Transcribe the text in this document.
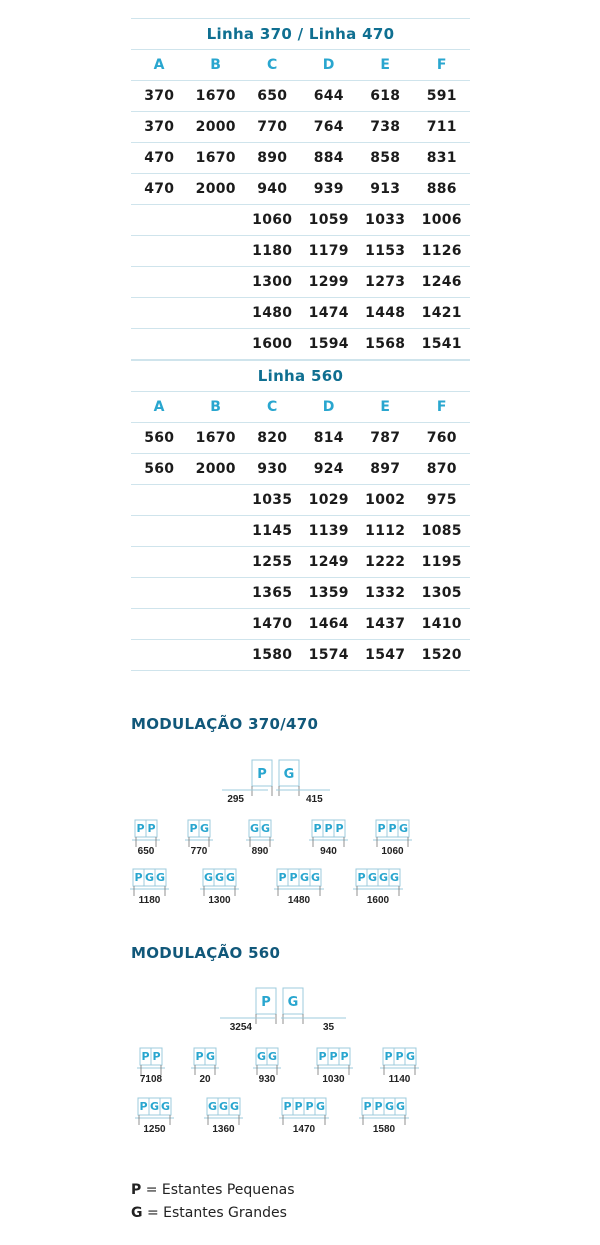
Linha 370 / Linha 470					
A	B	C	D	E	F
370	1670	650	644	618	591
370	2000	770	764	738	711
470	1670	890	884	858	831
470	2000	940	939	913	886
		1060	1059	1033	1006
		1180	1179	1153	1126
		1300	1299	1273	1246
		1480	1474	1448	1421
		1600	1594	1568	1541
Linha 560					
A	B	C	D	E	F
560	1670	820	814	787	760
560	2000	930	924	897	870
		1035	1029	1002	975
		1145	1139	1112	1085
		1255	1249	1222	1195
		1365	1359	1332	1305
		1470	1464	1437	1410
		1580	1574	1547	1520
MODULAÇÃO 370/470
MODULAÇÃO 560
P
295
G
415
P P
650
P G
770
G G
890
P P P
940
P P G
1060
P G G
1180
G G G
1300
P P G G
1480
P G G G
1600
P
3254
G
35
P P
7108
P G
20
G G
930
P P P
1030
P P G
1140
P G G
1250
G G G
1360
P P P G
1470
P P G G
1580
P = Estantes Pequenas
G = Estantes Grandes
